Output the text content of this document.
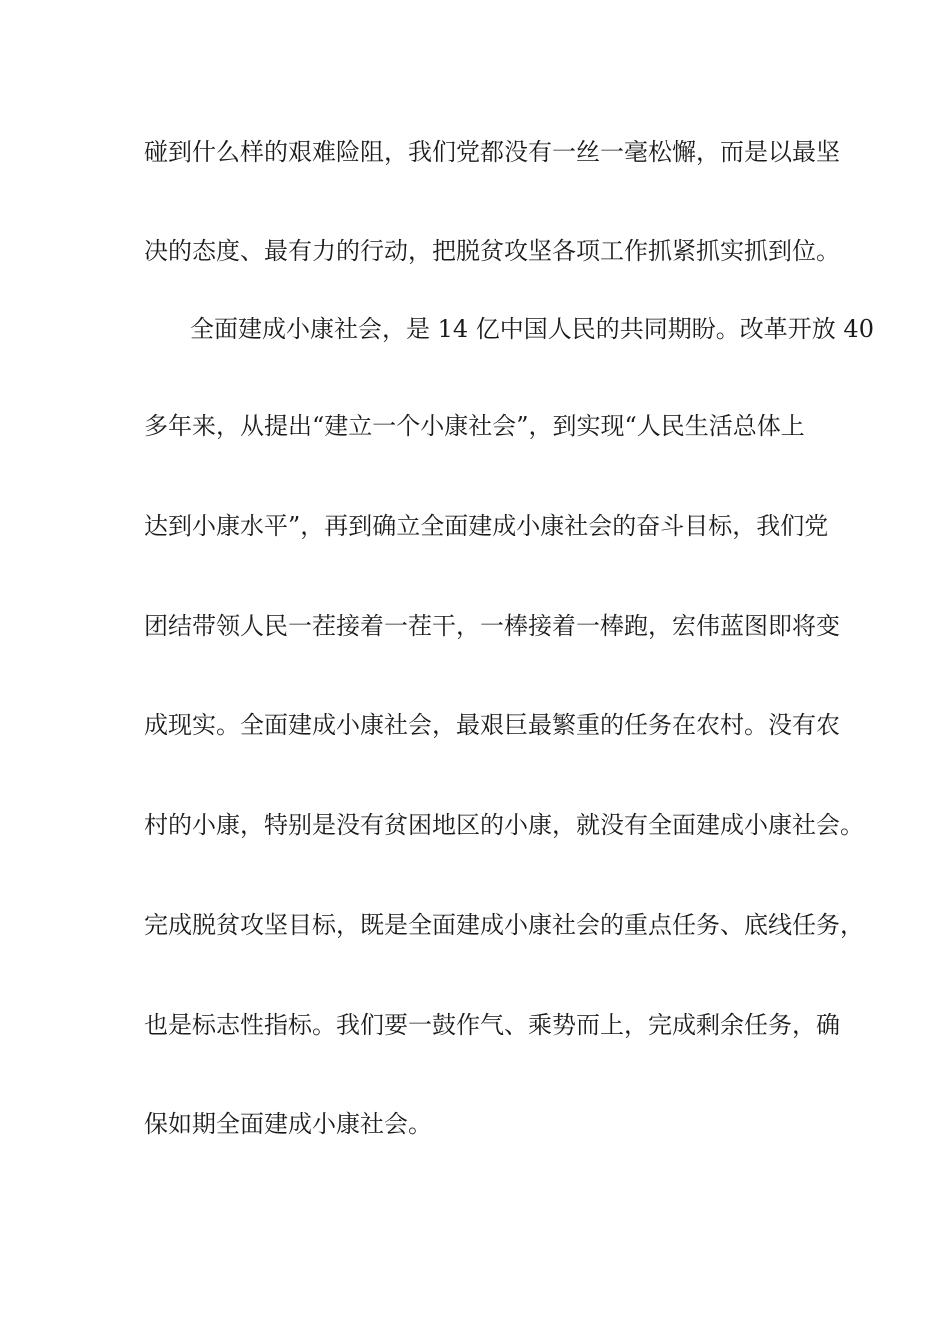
碰到什么样的艰难险阻，我们党都没有一丝一毫松懈，而是以最坚
决的态度、最有力的行动，把脱贫攻坚各项工作抓紧抓实抓到位。
全面建成小康社会，是 14 亿中国人民的共同期盼。改革开放 40
多年来，从提出“建立一个小康社会”，到实现“人民生活总体上
达到小康水平”，再到确立全面建成小康社会的奋斗目标，我们党
团结带领人民一茬接着一茬干，一棒接着一棒跑，宏伟蓝图即将变
成现实。全面建成小康社会，最艰巨最繁重的任务在农村。没有农
村的小康，特别是没有贫困地区的小康，就没有全面建成小康社会。
完成脱贫攻坚目标，既是全面建成小康社会的重点任务、底线任务，
也是标志性指标。我们要一鼓作气、乘势而上，完成剩余任务，确
保如期全面建成小康社会。
